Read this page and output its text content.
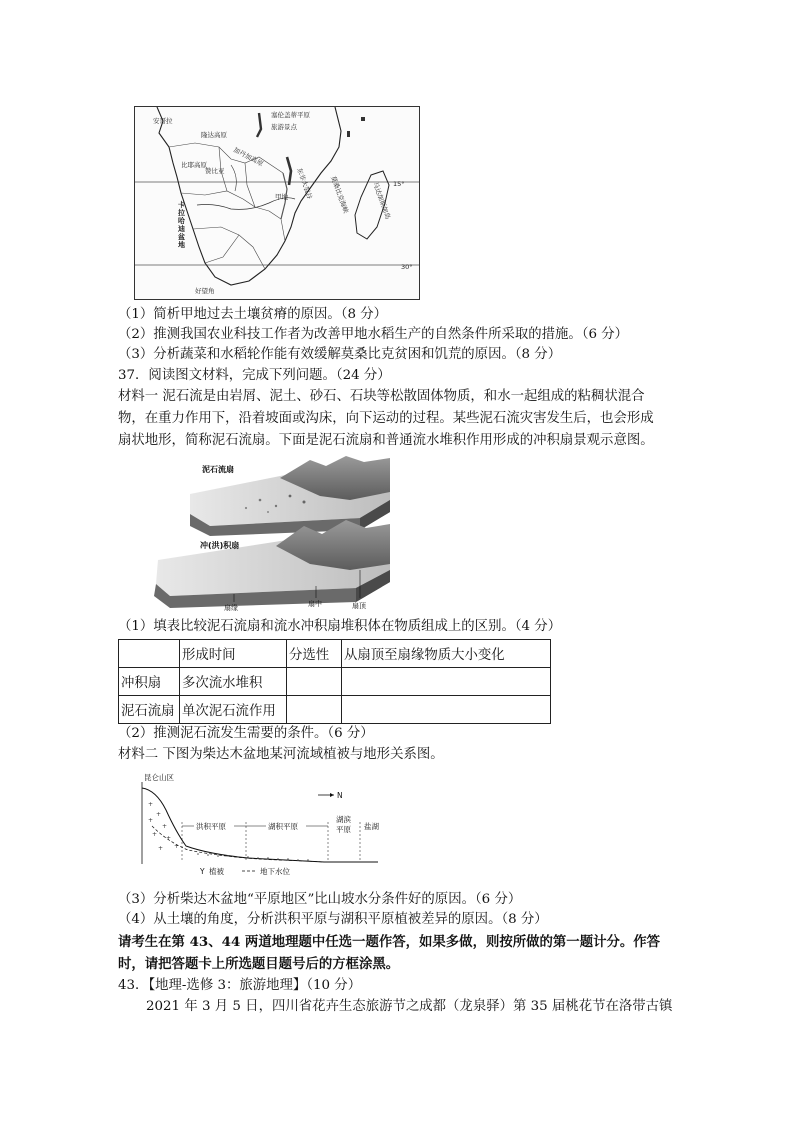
安哥拉
隆达高原
比耶高原	加丹加高原
塞伦盖蒂平原
旅游景点
东非大裂谷 莫桑比克海峡	马达加斯加岛
赞比亚
甲地
卡拉哈迪盆地
15°
30°
好望角
（1）简析甲地过去土壤贫瘠的原因。（8 分）
（2）推测我国农业科技工作者为改善甲地水稻生产的自然条件所采取的措施。（6 分）
（3）分析蔬菜和水稻轮作能有效缓解莫桑比克贫困和饥荒的原因。（8 分）
37．阅读图文材料，完成下列问题。（24 分）
材料一 泥石流是由岩屑、泥土、砂石、石块等松散固体物质，和水一起组成的粘稠状混合
物，在重力作用下，沿着坡面或沟床，向下运动的过程。某些泥石流灾害发生后，也会形成
扇状地形，简称泥石流扇。下面是泥石流扇和普通流水堆积作用形成的冲积扇景观示意图。
泥石流扇
冲(洪)积扇
扇缘	扇中	扇顶
（1）填表比较泥石流扇和流水冲积扇堆积体在物质组成上的区别。（4 分）
	形成时间	分选性	从扇顶至扇缘物质大小变化
冲积扇	多次流水堆积		
泥石流扇	单次泥石流作用		
（2）推测泥石流发生需要的条件。（6 分）
材料二 下图为柴达木盆地某河流域植被与地形关系图。
昆仑山区
N
+
+
+
+
+
+
+
+
洪积平原	湖积平原
湖滨
平原 盐湖
Y 植被	地下水位
（3）分析柴达木盆地“平原地区”比山坡水分条件好的原因。（6 分）
（4）从土壤的角度，分析洪积平原与湖积平原植被差异的原因。（8 分）
请考生在第 43、44 两道地理题中任选一题作答，如果多做，则按所做的第一题计分。作答
时，请把答题卡上所选题目题号后的方框涂黑。
43．【地理-选修 3：旅游地理】（10 分）
2021 年 3 月 5 日，四川省花卉生态旅游节之成都（龙泉驿）第 35 届桃花节在洛带古镇
